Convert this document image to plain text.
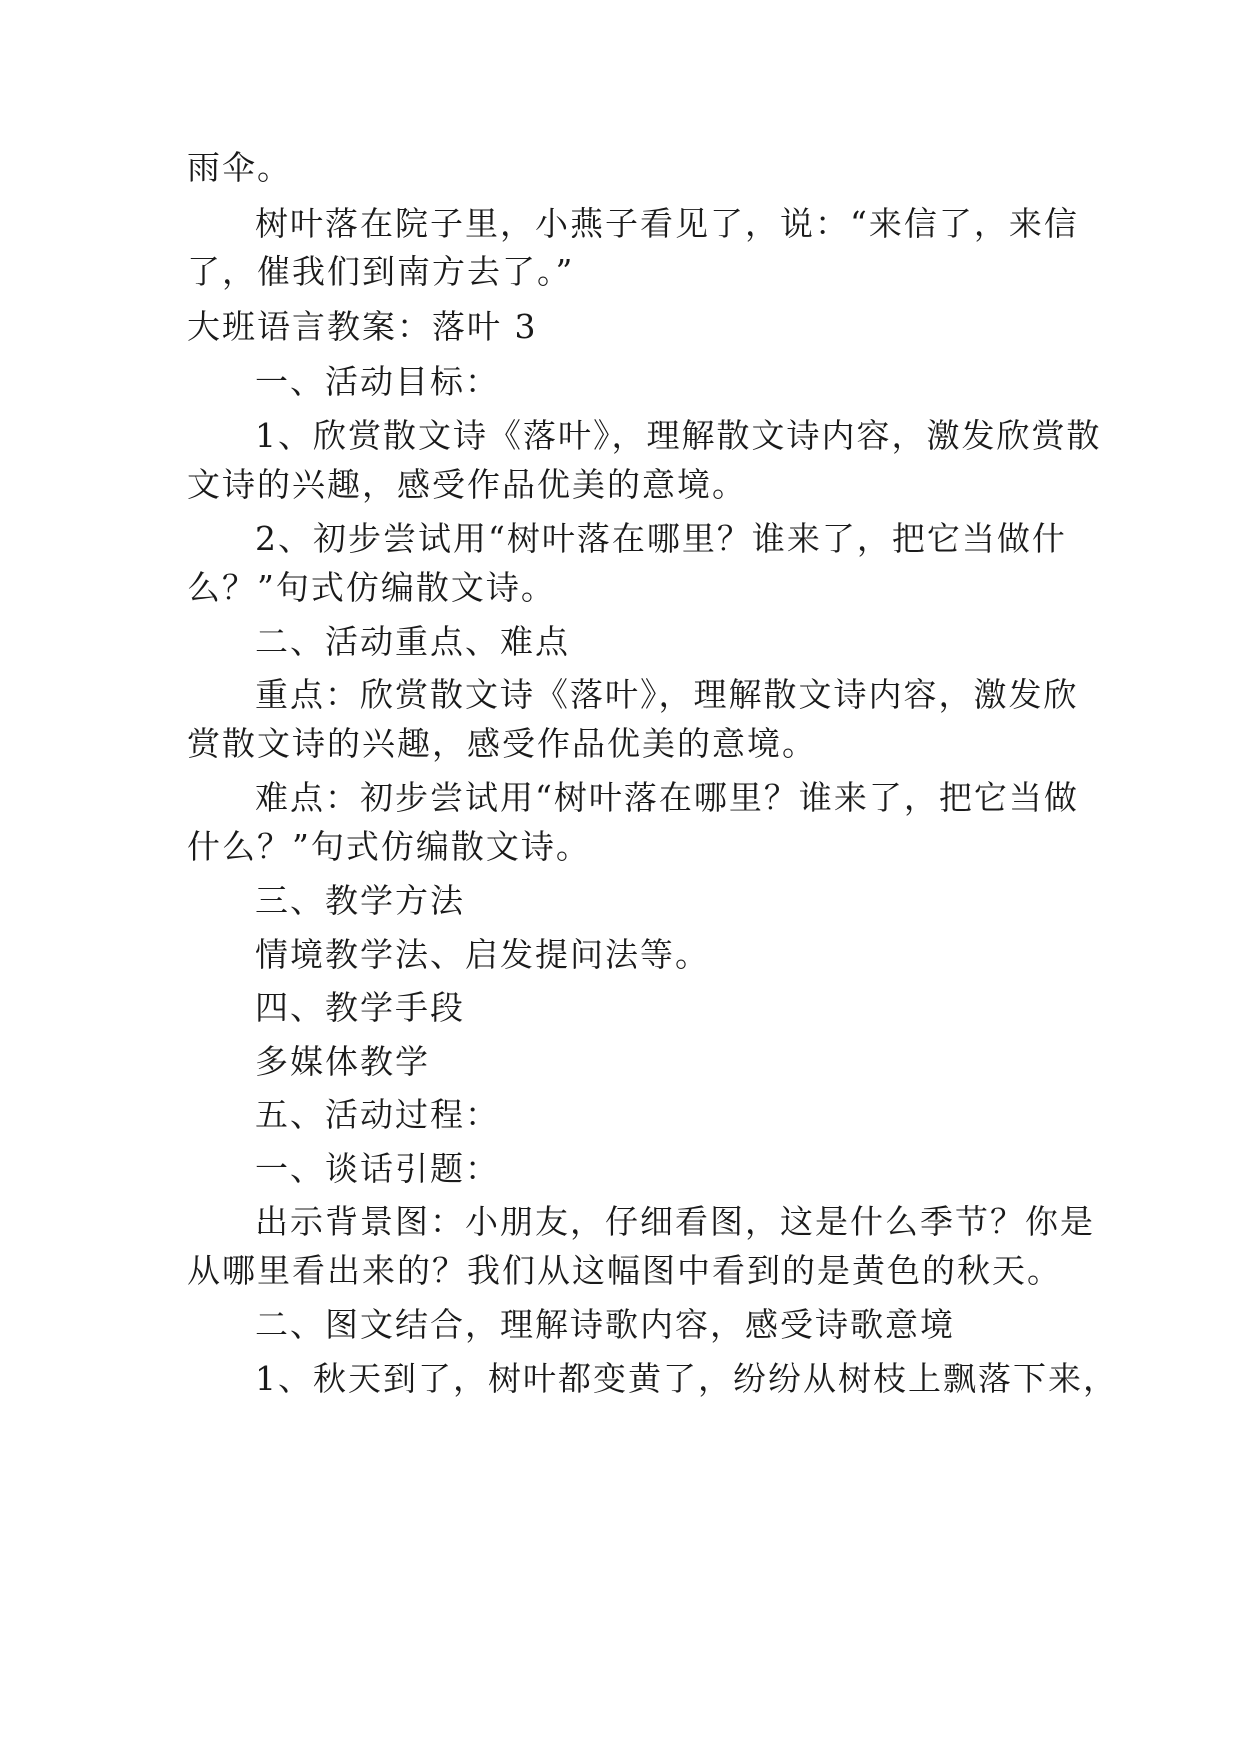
雨伞。
树叶落在院子里，小燕子看见了，说：“来信了，来信
了，催我们到南方去了。”
大班语言教案：落叶 3
一、活动目标：
1、欣赏散文诗《落叶》，理解散文诗内容，激发欣赏散
文诗的兴趣，感受作品优美的意境。
2、初步尝试用“树叶落在哪里？谁来了，把它当做什
么？”句式仿编散文诗。
二、活动重点、难点
重点：欣赏散文诗《落叶》，理解散文诗内容，激发欣
赏散文诗的兴趣，感受作品优美的意境。
难点：初步尝试用“树叶落在哪里？谁来了，把它当做
什么？”句式仿编散文诗。
三、教学方法
情境教学法、启发提问法等。
四、教学手段
多媒体教学
五、活动过程：
一、谈话引题：
出示背景图：小朋友，仔细看图，这是什么季节？你是
从哪里看出来的？我们从这幅图中看到的是黄色的秋天。
二、图文结合，理解诗歌内容，感受诗歌意境
1、秋天到了，树叶都变黄了，纷纷从树枝上飘落下来，
